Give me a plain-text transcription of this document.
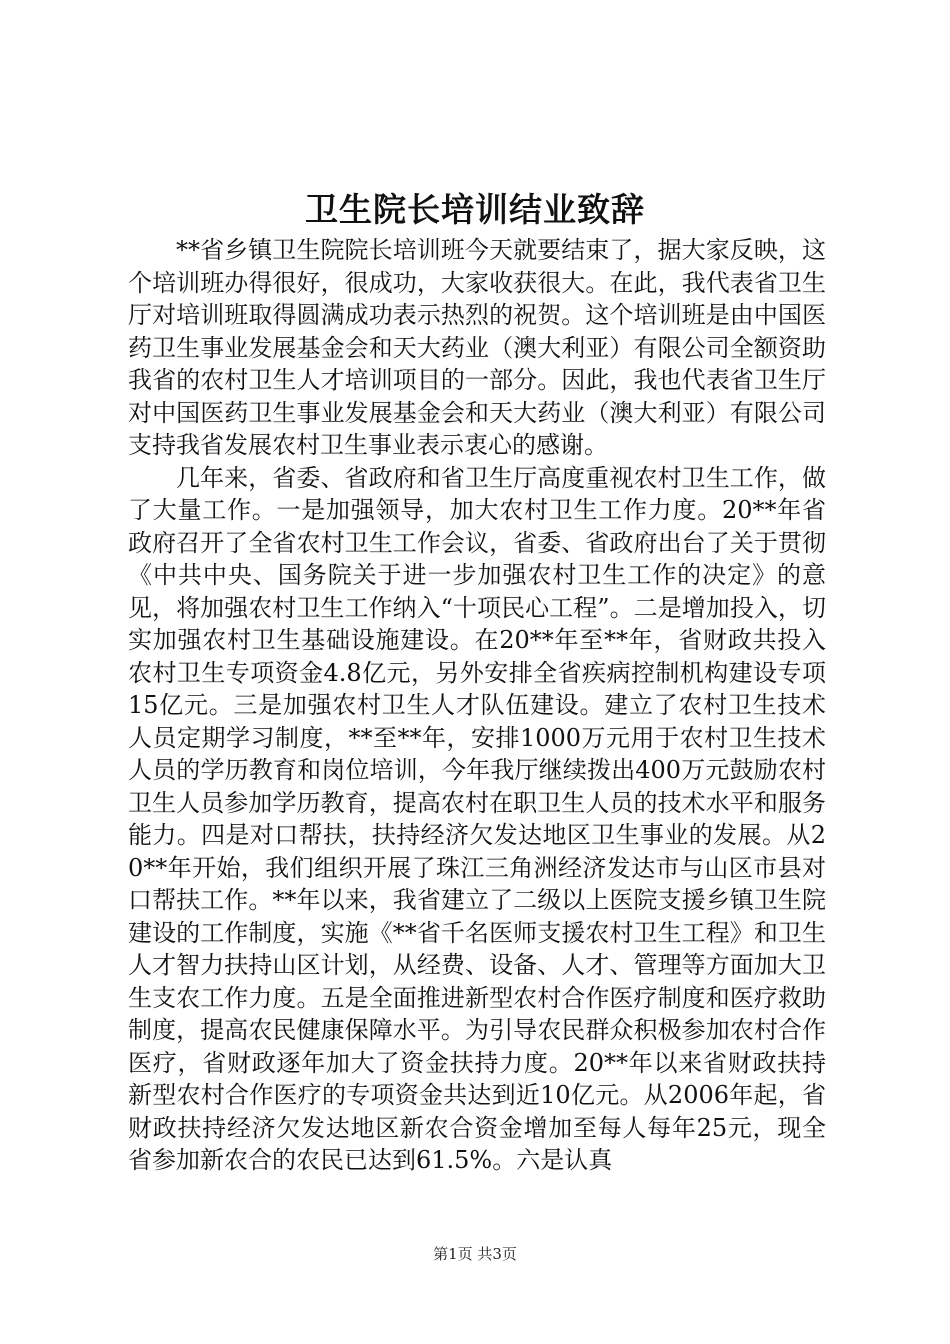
卫生院长培训结业致辞

**省乡镇卫生院院长培训班今天就要结束了，据大家反映，这个培训班办得很好，很成功，大家收获很大。在此，我代表省卫生厅对培训班取得圆满成功表示热烈的祝贺。这个培训班是由中国医药卫生事业发展基金会和天大药业（澳大利亚）有限公司全额资助我省的农村卫生人才培训项目的一部分。因此，我也代表省卫生厅对中国医药卫生事业发展基金会和天大药业（澳大利亚）有限公司支持我省发展农村卫生事业表示衷心的感谢。

几年来，省委、省政府和省卫生厅高度重视农村卫生工作，做了大量工作。一是加强领导，加大农村卫生工作力度。20**年省政府召开了全省农村卫生工作会议，省委、省政府出台了关于贯彻《中共中央、国务院关于进一步加强农村卫生工作的决定》的意见，将加强农村卫生工作纳入“十项民心工程”。二是增加投入，切实加强农村卫生基础设施建设。在20**年至**年，省财政共投入农村卫生专项资金4.8亿元，另外安排全省疾病控制机构建设专项15亿元。三是加强农村卫生人才队伍建设。建立了农村卫生技术人员定期学习制度，**至**年，安排1000万元用于农村卫生技术人员的学历教育和岗位培训，今年我厅继续拨出400万元鼓励农村卫生人员参加学历教育，提高农村在职卫生人员的技术水平和服务能力。四是对口帮扶，扶持经济欠发达地区卫生事业的发展。从20**年开始，我们组织开展了珠江三角洲经济发达市与山区市县对口帮扶工作。**年以来，我省建立了二级以上医院支援乡镇卫生院建设的工作制度，实施《**省千名医师支援农村卫生工程》和卫生人才智力扶持山区计划，从经费、设备、人才、管理等方面加大卫生支农工作力度。五是全面推进新型农村合作医疗制度和医疗救助制度，提高农民健康保障水平。为引导农民群众积极参加农村合作医疗，省财政逐年加大了资金扶持力度。20**年以来省财政扶持新型农村合作医疗的专项资金共达到近10亿元。从2006年起，省财政扶持经济欠发达地区新农合资金增加至每人每年25元，现全省参加新农合的农民已达到61.5%。六是认真

第1页 共3页
